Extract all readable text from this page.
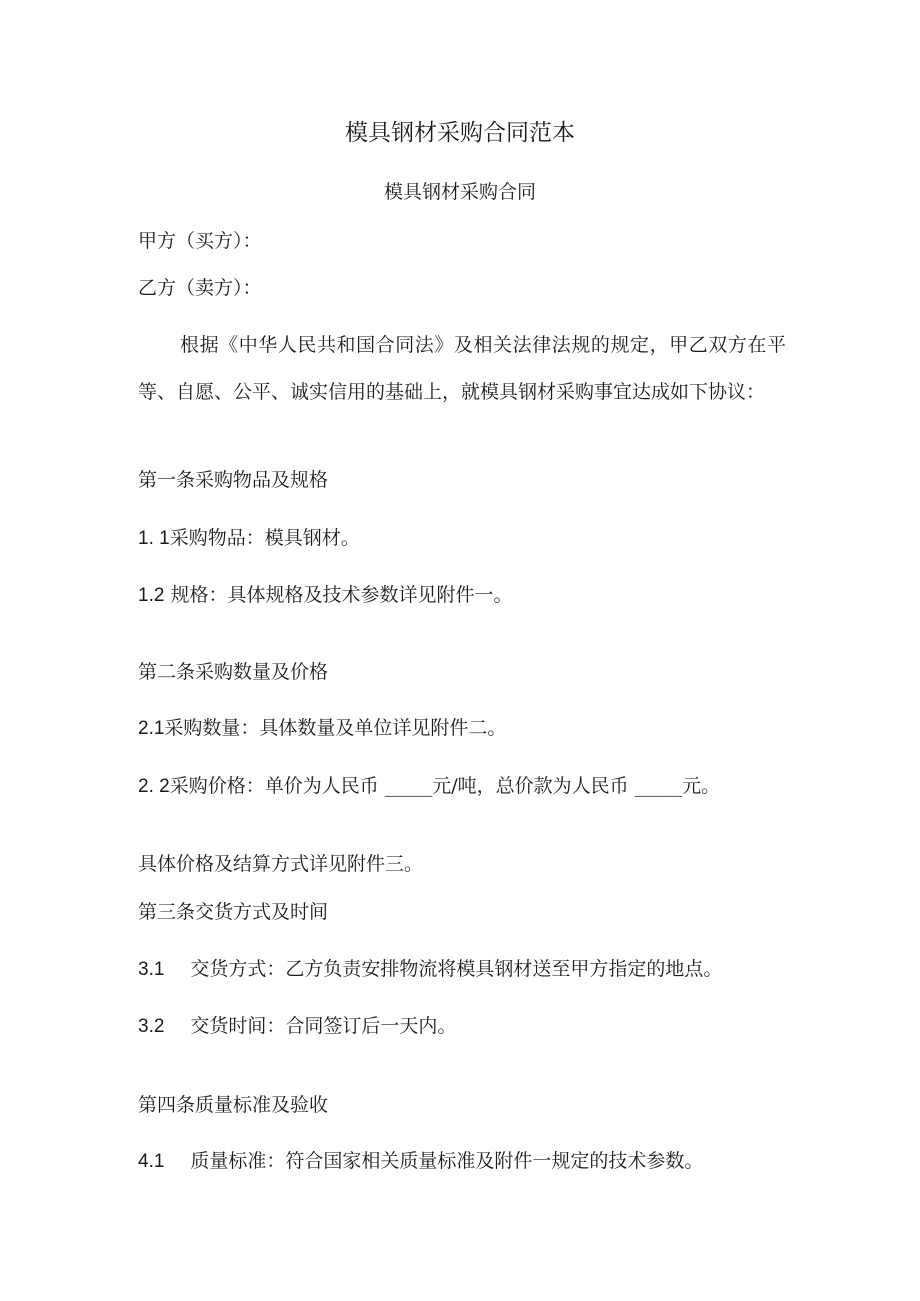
模具钢材采购合同范本
模具钢材采购合同
甲方（买方）：
乙方（卖方）：
根据《中华人民共和国合同法》及相关法律法规的规定，甲乙双方在平等、自愿、公平、诚实信用的基础上，就模具钢材采购事宜达成如下协议：
第一条采购物品及规格
1. 1采购物品：模具钢材。
1.2 规格：具体规格及技术参数详见附件一。
第二条采购数量及价格
2.1采购数量：具体数量及单位详见附件二。
2. 2采购价格：单价为人民币 _____元/吨，总价款为人民币 _____元。
具体价格及结算方式详见附件三。
第三条交货方式及时间
3.1 交货方式：乙方负责安排物流将模具钢材送至甲方指定的地点。
3.2 交货时间：合同签订后一天内。
第四条质量标准及验收
4.1 质量标准：符合国家相关质量标准及附件一规定的技术参数。
